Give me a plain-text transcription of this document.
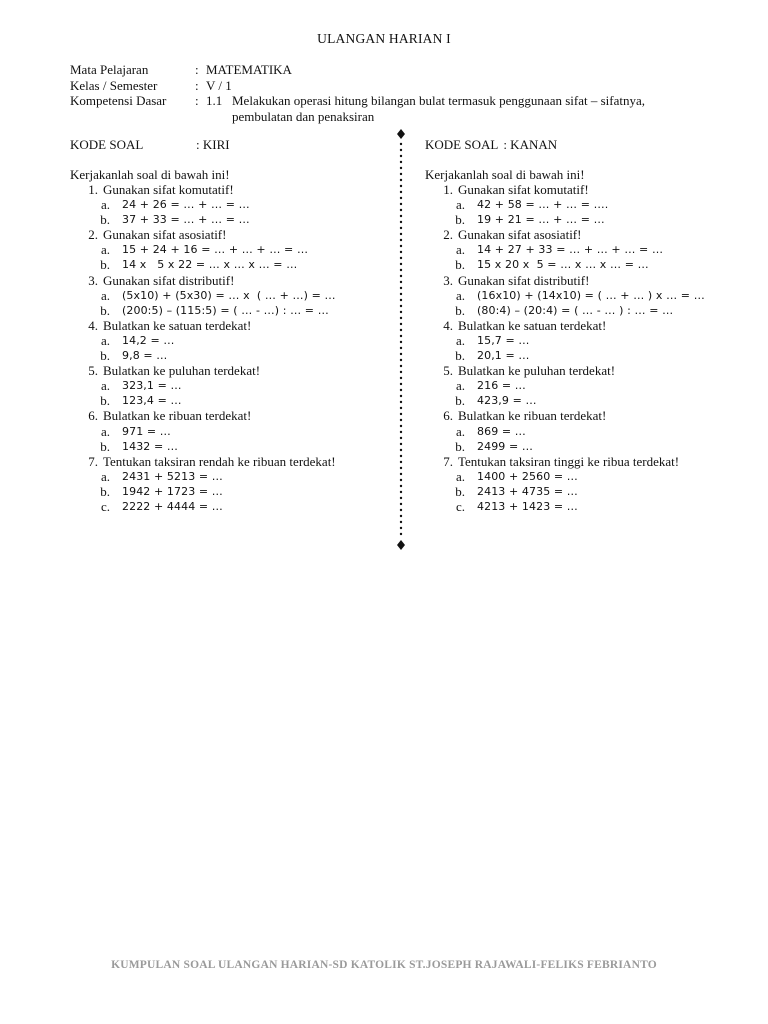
ULANGAN HARIAN I
Mata Pelajaran	: MATEMATIKA
Kelas / Semester	: V / 1
Kompetensi Dasar	: 1.1 Melakukan operasi hitung bilangan bulat termasuk penggunaan sifat – sifatnya,
pembulatan dan penaksiran
KODE SOAL	: KIRI
Kerjakanlah soal di bawah ini!
1. Gunakan sifat komutatif!
a.	24 + 26 = … + … = …
b.	37 + 33 = … + … = …
2. Gunakan sifat asosiatif!
a.	15 + 24 + 16 = … + … + … = …
b.	14 x   5 x 22 = … x … x … = …
3. Gunakan sifat distributif!
a.	(5x10) + (5x30) = … x  ( … + …) = …
b.	(200:5) – (115:5) = ( … - …) : … = …
4. Bulatkan ke satuan terdekat!
a.	14,2 = …
b.	9,8 = …
5. Bulatkan ke puluhan terdekat!
a.	323,1 = …
b.	123,4 = …
6. Bulatkan ke ribuan terdekat!
a.	971 = …
b.	1432 = …
7. Tentukan taksiran rendah ke ribuan terdekat!
a.	2431 + 5213 = …
b.	1942 + 1723 = …
c.	2222 + 4444 = …
KODE SOAL : KANAN
Kerjakanlah soal di bawah ini!
1. Gunakan sifat komutatif!
a.	42 + 58 = … + … = ….
b.	19 + 21 = … + … = …
2. Gunakan sifat asosiatif!
a.	14 + 27 + 33 = … + … + … = …
b.	15 x 20 x  5 = … x … x … = …
3. Gunakan sifat distributif!
a.	(16x10) + (14x10) = ( … + … ) x … = …
b.	(80:4) – (20:4) = ( … - … ) : … = …
4. Bulatkan ke satuan terdekat!
a.	15,7 = …
b.	20,1 = …
5. Bulatkan ke puluhan terdekat!
a.	216 = …
b.	423,9 = …
6. Bulatkan ke ribuan terdekat!
a.	869 = …
b.	2499 = …
7. Tentukan taksiran tinggi ke ribua terdekat!
a.	1400 + 2560 = …
b.	2413 + 4735 = …
c.	4213 + 1423 = …
KUMPULAN SOAL ULANGAN HARIAN-SD KATOLIK ST.JOSEPH RAJAWALI-FELIKS FEBRIANTO
